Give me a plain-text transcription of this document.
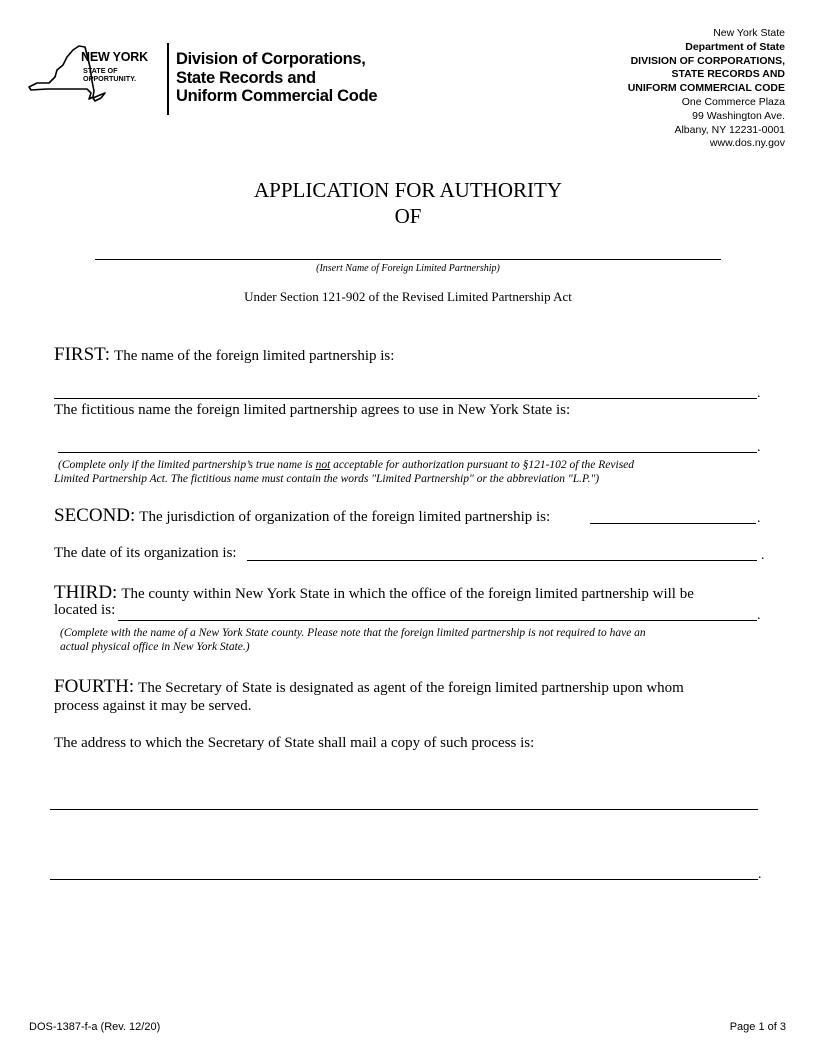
NEW YORK
STATE OF
OPPORTUNITY.
Division of Corporations,
State Records and
Uniform Commercial Code
New York State
Department of State
DIVISION OF CORPORATIONS,
STATE RECORDS AND
UNIFORM COMMERCIAL CODE
One Commerce Plaza
99 Washington Ave.
Albany, NY 12231-0001
www.dos.ny.gov
APPLICATION FOR AUTHORITY
OF
(Insert Name of Foreign Limited Partnership)
Under Section 121-902 of the Revised Limited Partnership Act
FIRST: The name of the foreign limited partnership is:
.
The fictitious name the foreign limited partnership agrees to use in New York State is:
.
(Complete only if the limited partnership’s true name is not acceptable for authorization pursuant to §121-102 of the Revised
Limited Partnership Act. The fictitious name must contain the words "Limited Partnership" or the abbreviation "L.P.")
SECOND: The jurisdiction of organization of the foreign limited partnership is:	.
The date of its organization is:	.
THIRD: The county within New York State in which the office of the foreign limited partnership will be
located is:	.
(Complete with the name of a New York State county. Please note that the foreign limited partnership is not required to have an
actual physical office in New York State.)
FOURTH: The Secretary of State is designated as agent of the foreign limited partnership upon whom
process against it may be served.
The address to which the Secretary of State shall mail a copy of such process is:
.
DOS-1387-f-a (Rev. 12/20)	Page 1 of 3
